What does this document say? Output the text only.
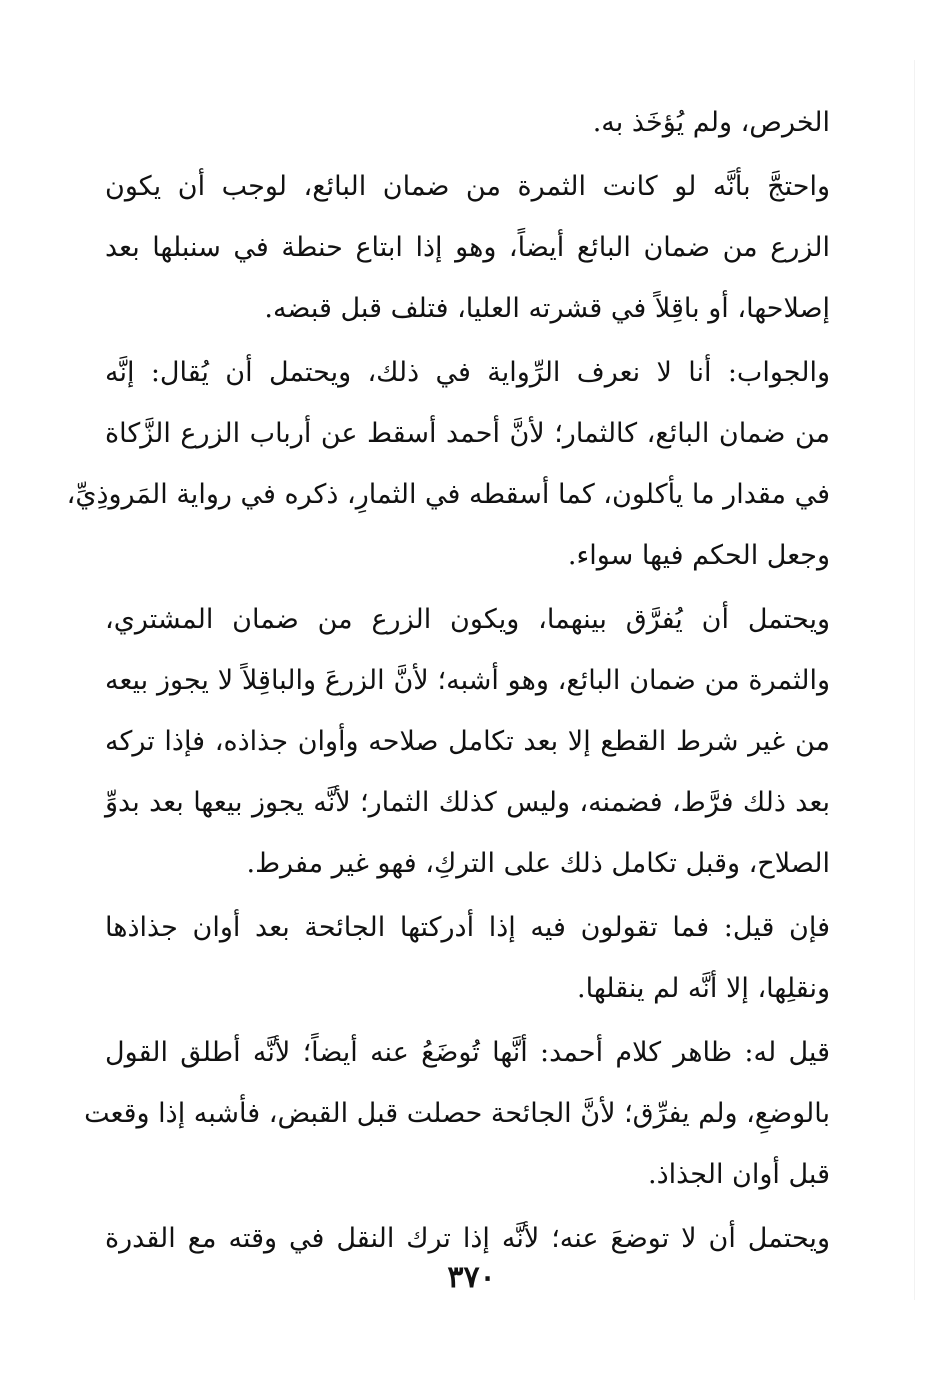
الخرص، ولم يُؤخَذ به.
واحتجَّ بأنَّه لو كانت الثمرة من ضمان البائع، لوجب أن يكون
الزرع من ضمان البائع أيضاً، وهو إذا ابتاع حنطة في سنبلها بعد
إصلاحها، أو باقِلاً في قشرته العليا، فتلف قبل قبضه.
والجواب: أنا لا نعرف الرِّواية في ذلك، ويحتمل أن يُقال: إنَّه
من ضمان البائع، كالثمار؛ لأنَّ أحمد أسقط عن أرباب الزرع الزَّكاة
في مقدار ما يأكلون، كما أسقطه في الثمارِ، ذكره في رواية المَروذِيِّ،
وجعل الحكم فيها سواء.
ويحتمل أن يُفرَّق بينهما، ويكون الزرع من ضمان المشتري،
والثمرة من ضمان البائع، وهو أشبه؛ لأنَّ الزرعَ والباقِلاً لا يجوز بيعه
من غير شرط القطع إلا بعد تكامل صلاحه وأوان جذاذه، فإذا تركه
بعد ذلك فرَّط، فضمنه، وليس كذلك الثمار؛ لأنَّه يجوز بيعها بعد بدوِّ
الصلاح، وقبل تكامل ذلك على التركِ، فهو غير مفرط.
فإن قيل: فما تقولون فيه إذا أدركتها الجائحة بعد أوان جذاذها
ونقلِها، إلا أنَّه لم ينقلها.
قيل له: ظاهر كلام أحمد: أنَّها تُوضَعُ عنه أيضاً؛ لأنَّه أطلق القول
بالوضعِ، ولم يفرِّق؛ لأنَّ الجائحة حصلت قبل القبض، فأشبه إذا وقعت
قبل أوان الجذاذ.
ويحتمل أن لا توضعَ عنه؛ لأنَّه إذا ترك النقل في وقته مع القدرة
٣٧٠
